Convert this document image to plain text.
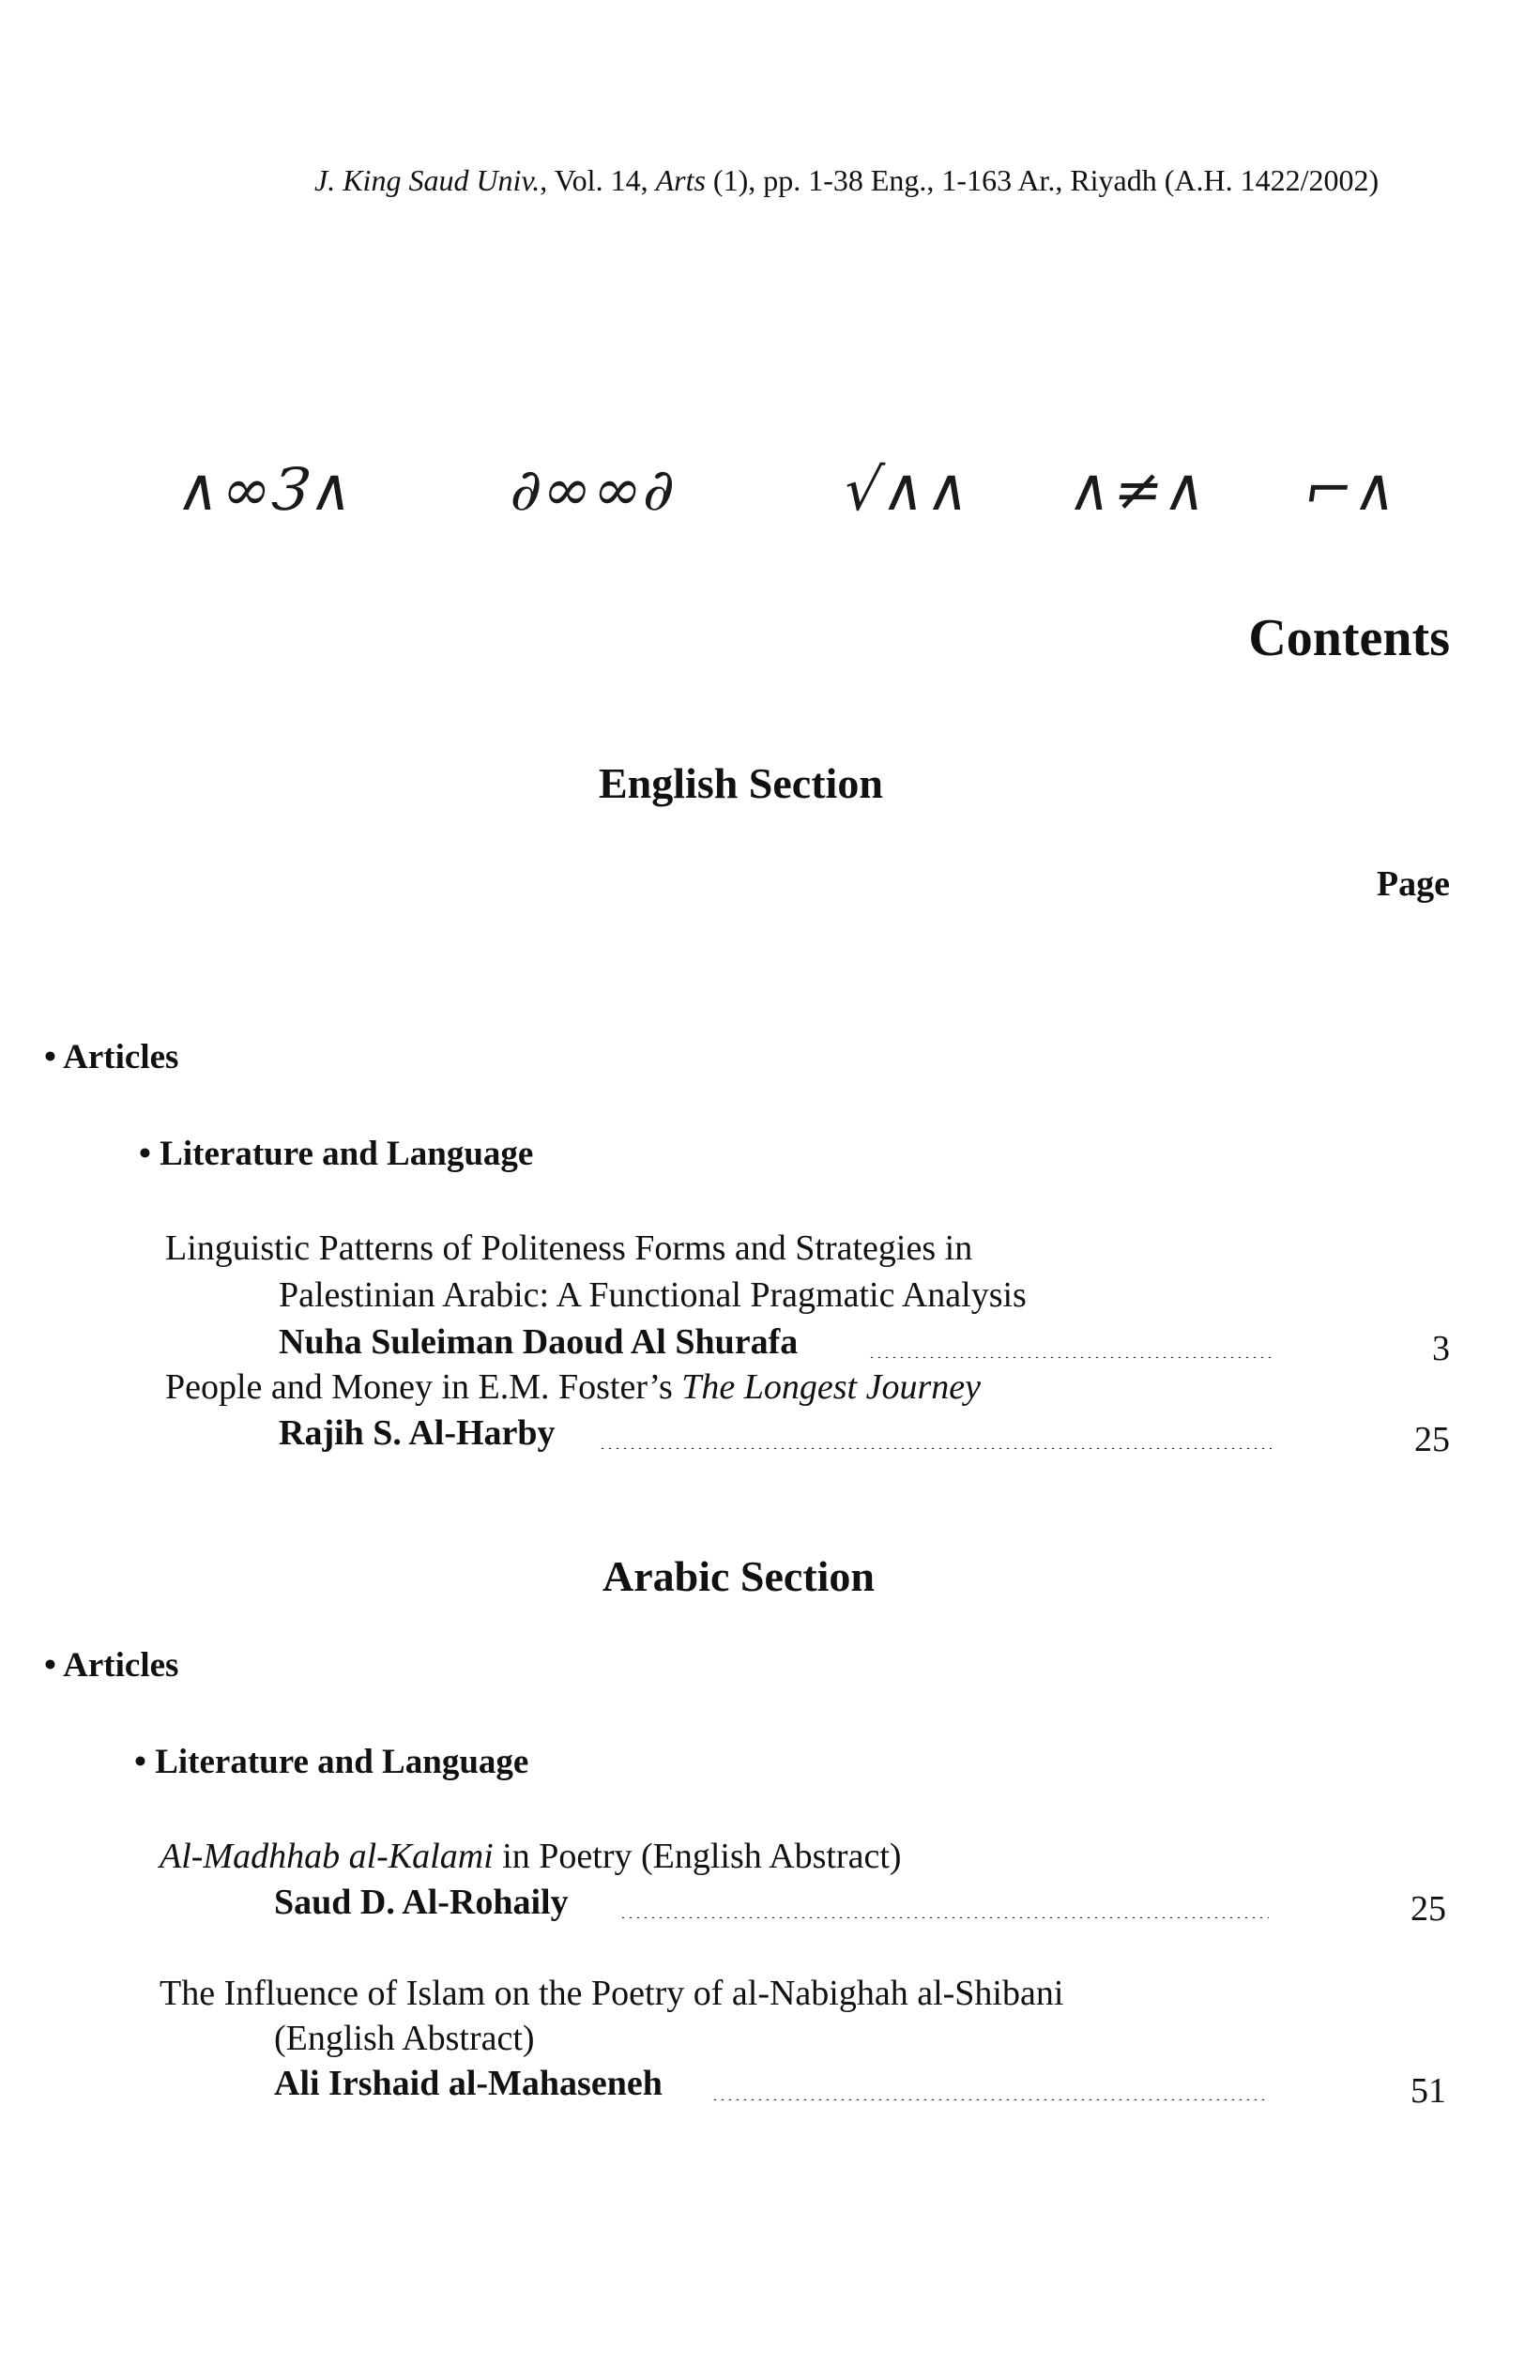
J. King Saud Univ., Vol. 14, Arts (1), pp. 1-38 Eng., 1-163 Ar., Riyadh (A.H. 1422/2002)
∧∞З∧	∂∞∞∂	√∧∧ ∧≠∧ ⌐∧
Contents
English Section
Page
• Articles
• Literature and Language
Linguistic Patterns of Politeness Forms and Strategies in
Palestinian Arabic: A Functional Pragmatic Analysis
Nuha Suleiman Daoud Al Shurafa	3
People and Money in E.M. Foster’s The Longest Journey
Rajih S. Al-Harby	25
Arabic Section
• Articles
• Literature and Language
Al-Madhhab al-Kalami in Poetry (English Abstract)
Saud D. Al-Rohaily	25
The Influence of Islam on the Poetry of al-Nabighah al-Shibani
(English Abstract)
Ali Irshaid al-Mahaseneh	51
